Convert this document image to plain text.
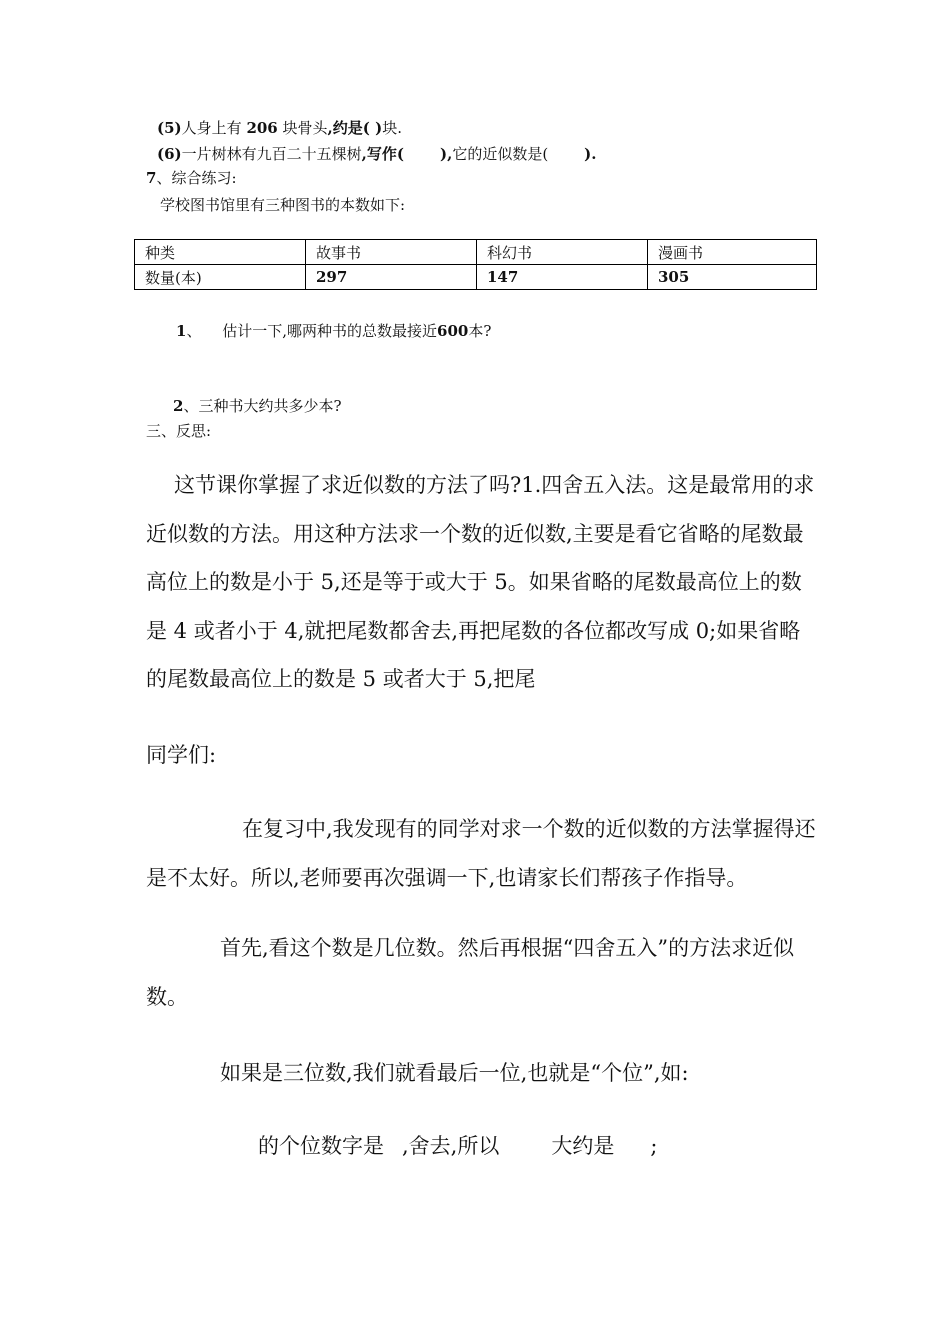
(5)人身上有 206 块骨头,约是( )块.
(6)一片树林有九百二十五棵树,写作( ),它的近似数是( ).
7、综合练习:
学校图书馆里有三种图书的本数如下:
种类	故事书	科幻书	漫画书
数量(本)	297	147	305
1、 估计一下,哪两种书的总数最接近600本?
2、三种书大约共多少本?
三、反思:
这节课你掌握了求近似数的方法了吗?1.四舍五入法。这是最常用的求近似数的方法。用这种方法求一个数的近似数,主要是看它省略的尾数最高位上的数是小于 5,还是等于或大于 5。如果省略的尾数最高位上的数是 4 或者小于 4,就把尾数都舍去,再把尾数的各位都改写成 0;如果省略的尾数最高位上的数是 5 或者大于 5,把尾
同学们:
在复习中,我发现有的同学对求一个数的近似数的方法掌握得还是不太好。所以,老师要再次强调一下,也请家长们帮孩子作指导。
首先,看这个数是几位数。然后再根据“四舍五入”的方法求近似数。
如果是三位数,我们就看最后一位,也就是“个位”,如:
的个位数字是 ,舍去,所以 大约是 ;
